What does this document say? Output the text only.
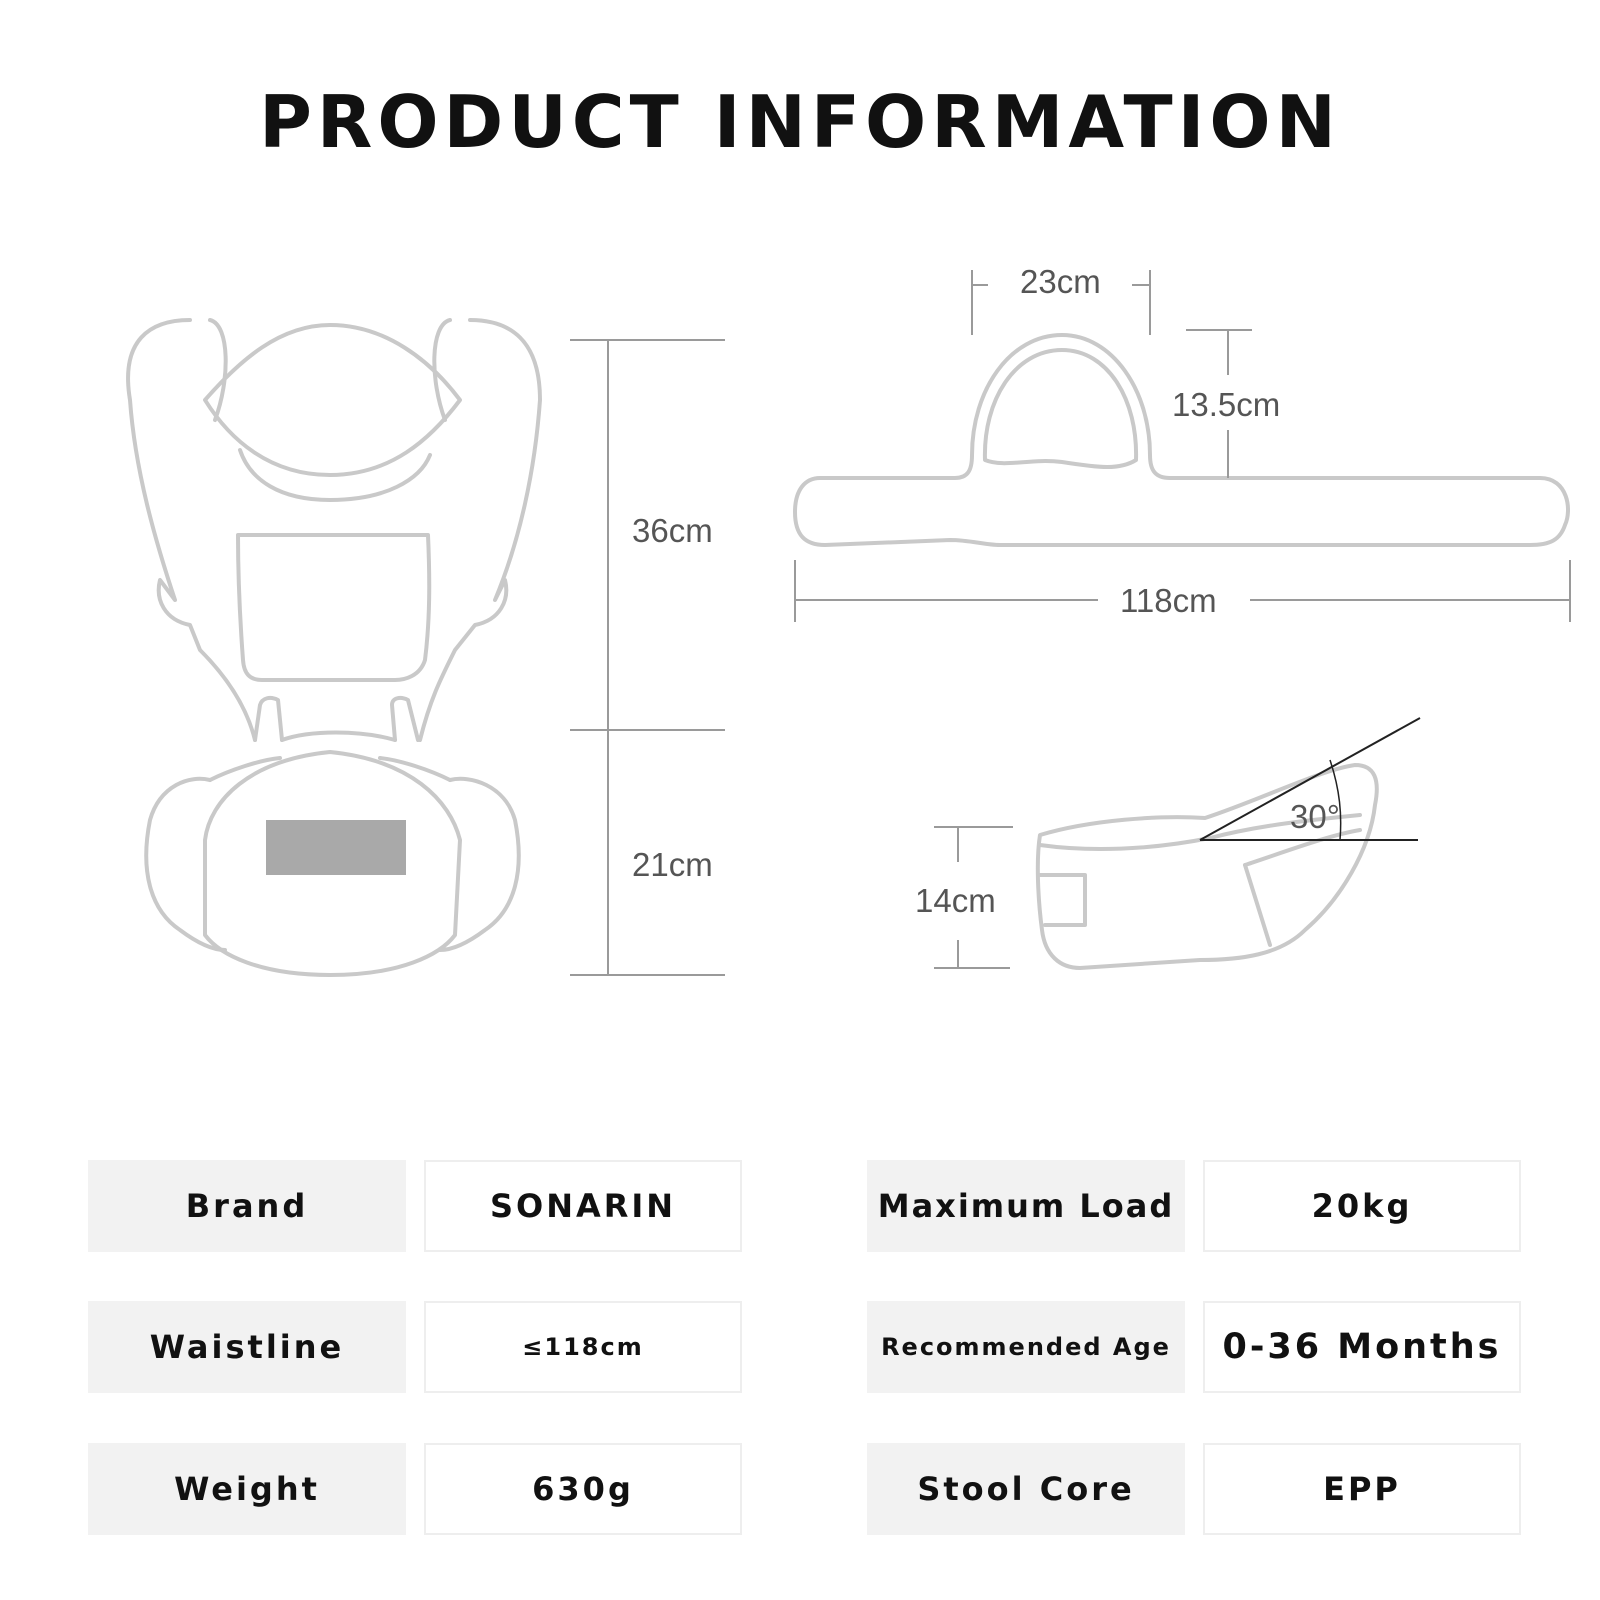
PRODUCT INFORMATION
36cm
21cm
23cm
13.5cm
118cm
30°
14cm
Brand	SONARIN	Maximum Load	20kg
Waistline	≤118cm	Recommended Age	0-36 Months
Weight	630g	Stool Core	EPP
